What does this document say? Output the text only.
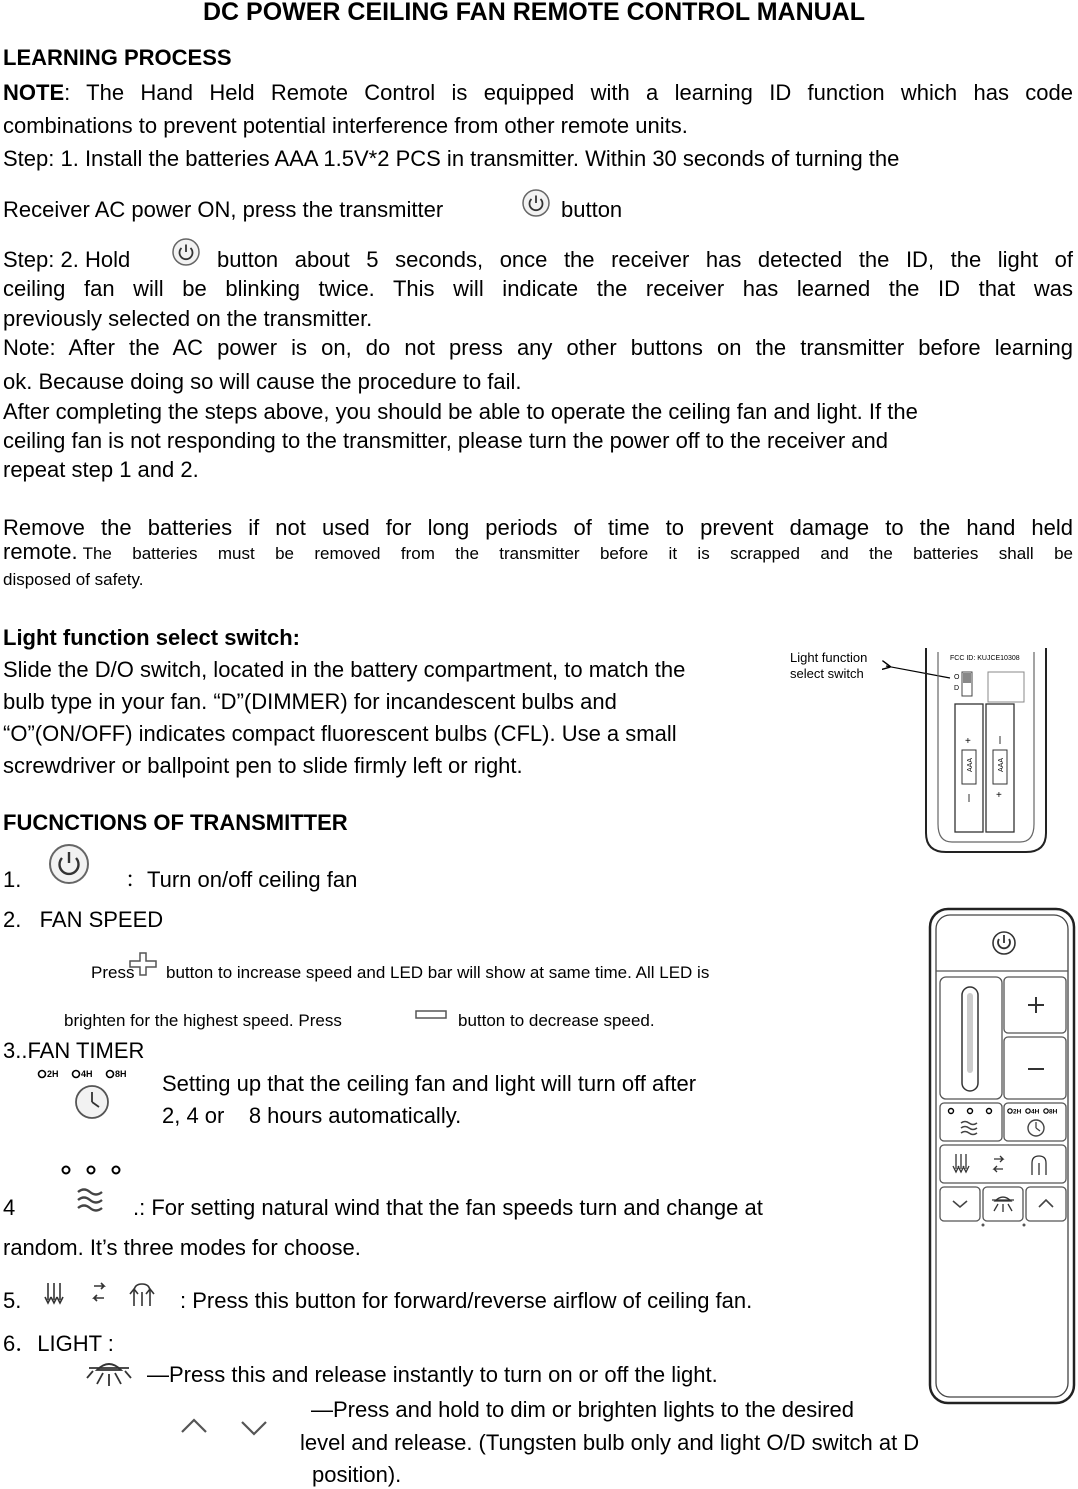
DC POWER CEILING FAN REMOTE CONTROL MANUAL
LEARNING PROCESS
NOTE: The Hand Held Remote Control is equipped with a learning ID function which has code
combinations to prevent potential interference from other remote units.
Step: 1. Install the batteries AAA 1.5V*2 PCS in transmitter. Within 30 seconds of turning the
Receiver AC power ON, press the transmitter	button
Step: 2. Hold	button about 5 seconds, once the receiver has detected the ID, the light of
ceiling fan will be blinking twice. This will indicate the receiver has learned the ID that was
previously selected on the transmitter.
Note: After the AC power is on, do not press any other buttons on the transmitter before learning
ok. Because doing so will cause the procedure to fail.
After completing the steps above, you should be able to operate the ceiling fan and light. If the
ceiling fan is not responding to the transmitter, please turn the power off to the receiver and
repeat step 1 and 2.
Remove the batteries if not used for long periods of time to prevent damage to the hand held
remote. The batteries must be removed from the transmitter before it is scrapped and the batteries shall be
disposed of safety.
Light function select switch:
Slide the D/O switch, located in the battery compartment, to match the
bulb type in your fan. “D”(DIMMER) for incandescent bulbs and
“O”(ON/OFF) indicates compact fluorescent bulbs (CFL). Use a small
screwdriver or ballpoint pen to slide firmly left or right.
Light function
select switch
FCC ID: KUJCE10308
O
D
AAA	AAA
+
+
FUCNCTIONS OF TRANSMITTER
1.	：Turn on/off ceiling fan
2.   FAN SPEED
Press button to increase speed and LED bar will show at same time. All LED is
brighten for the highest speed. Press	button to decrease speed.
3..FAN TIMER
2H 4H 8H Setting up that the ceiling fan and light will turn off after
2, 4 or    8 hours automatically.
4	.: For setting natural wind that the fan speeds turn and change at
random. It’s three modes for choose.
5.	: Press this button for forward/reverse airflow of ceiling fan.
6．LIGHT :
—Press this and release instantly to turn on or off the light.
—Press and hold to dim or brighten lights to the desired
level and release. (Tungsten bulb only and light O/D switch at D
position).
2H 4H 8H
